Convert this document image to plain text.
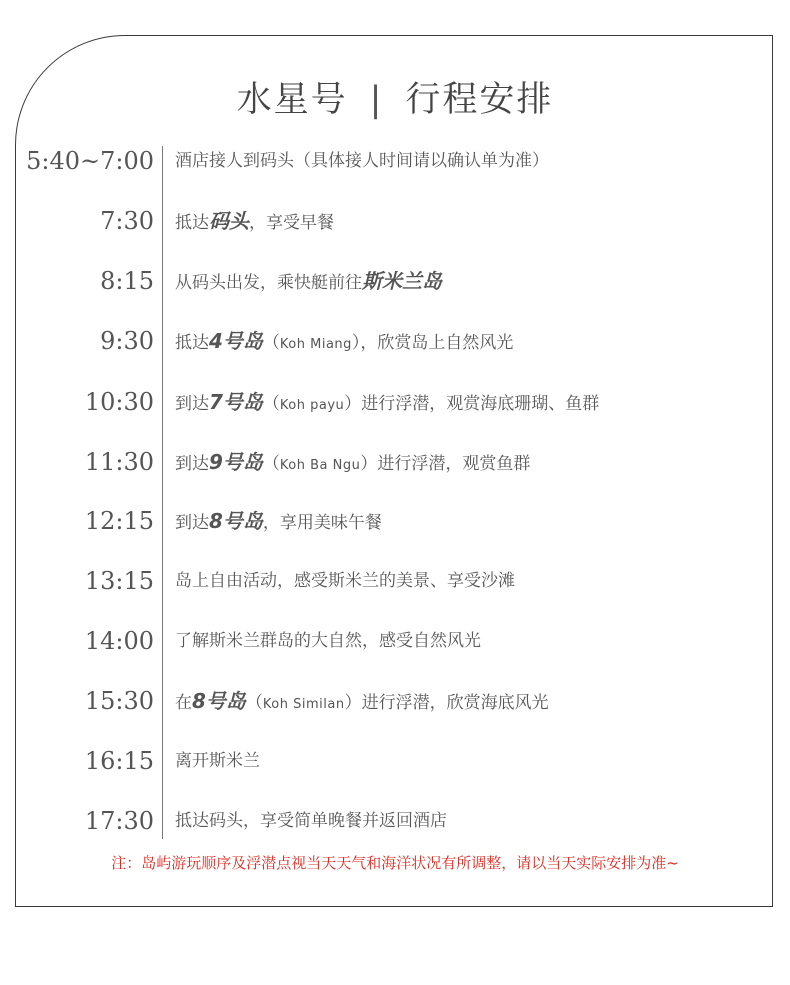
水星号 | 行程安排
5:40~7:00 酒店接人到码头（具体接人时间请以确认单为准）
7:30 抵达码头，享受早餐
8:15 从码头出发，乘快艇前往斯米兰岛
9:30 抵达4号岛（Koh Miang），欣赏岛上自然风光
10:30 到达7号岛（Koh payu）进行浮潜，观赏海底珊瑚、鱼群
11:30 到达9号岛（Koh Ba Ngu）进行浮潜，观赏鱼群
12:15 到达8号岛，享用美味午餐
13:15 岛上自由活动，感受斯米兰的美景、享受沙滩
14:00 了解斯米兰群岛的大自然，感受自然风光
15:30 在8号岛（Koh Similan）进行浮潜，欣赏海底风光
16:15 离开斯米兰
17:30 抵达码头，享受简单晚餐并返回酒店
注：岛屿游玩顺序及浮潜点视当天天气和海洋状况有所调整，请以当天实际安排为准~
